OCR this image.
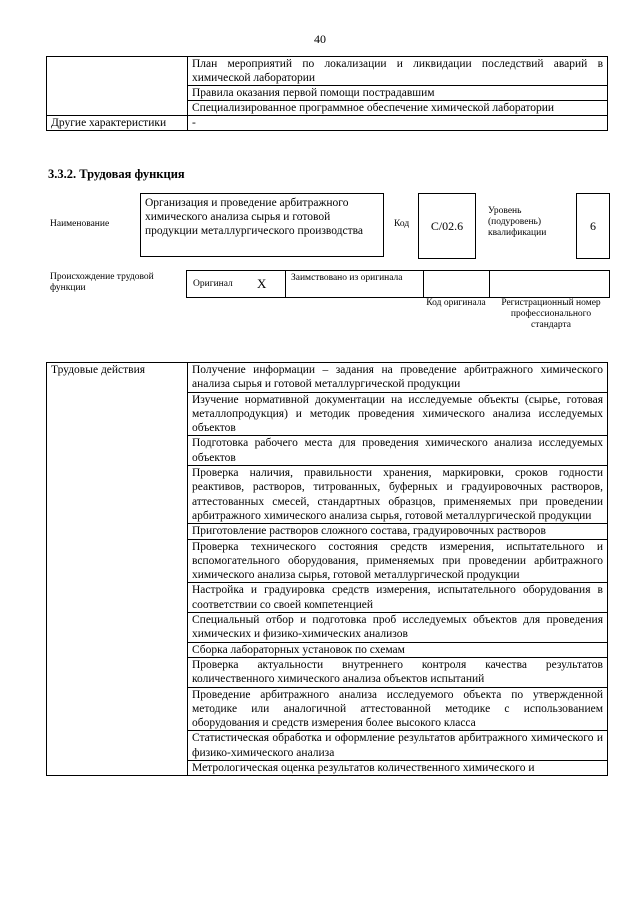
40
	План мероприятий по локализации и ликвидации последствий аварий в химической лаборатории
	Правила оказания первой помощи пострадавшим
	Специализированное программное обеспечение химической лаборатории
Другие характеристики	-
3.3.2. Трудовая функция
Наименование
Организация и проведение арбитражного химического анализа сырья и готовой продукции металлургического производства
Код	C/02.6
Уровень (подуровень) квалификации	6
Происхождение трудовой функции	Оригинал X	Заимствовано из оригинала
Код оригинала	Регистрационный номер профессионального стандарта
Трудовые действия	Получение информации – задания на проведение арбитражного химического анализа сырья и готовой металлургической продукции
Изучение нормативной документации на исследуемые объекты (сырье, готовая металлопродукция) и методик проведения химического анализа исследуемых объектов
Подготовка рабочего места для проведения химического анализа исследуемых объектов
Проверка наличия, правильности хранения, маркировки, сроков годности реактивов, растворов, титрованных, буферных и градуировочных растворов, аттестованных смесей, стандартных образцов, применяемых при проведении арбитражного химического анализа сырья, готовой металлургической продукции
Приготовление растворов сложного состава, градуировочных растворов
Проверка технического состояния средств измерения, испытательного и вспомогательного оборудования, применяемых при проведении арбитражного химического анализа сырья, готовой металлургической продукции
Настройка и градуировка средств измерения, испытательного оборудования в соответствии со своей компетенцией
Специальный отбор и подготовка проб исследуемых объектов для проведения химических и физико-химических анализов
Сборка лабораторных установок по схемам
Проверка актуальности внутреннего контроля качества результатов количественного химического анализа объектов испытаний
Проведение арбитражного анализа исследуемого объекта по утвержденной методике или аналогичной аттестованной методике с использованием оборудования и средств измерения более высокого класса
Статистическая обработка и оформление результатов арбитражного химического и физико-химического анализа
Метрологическая оценка результатов количественного химического и
